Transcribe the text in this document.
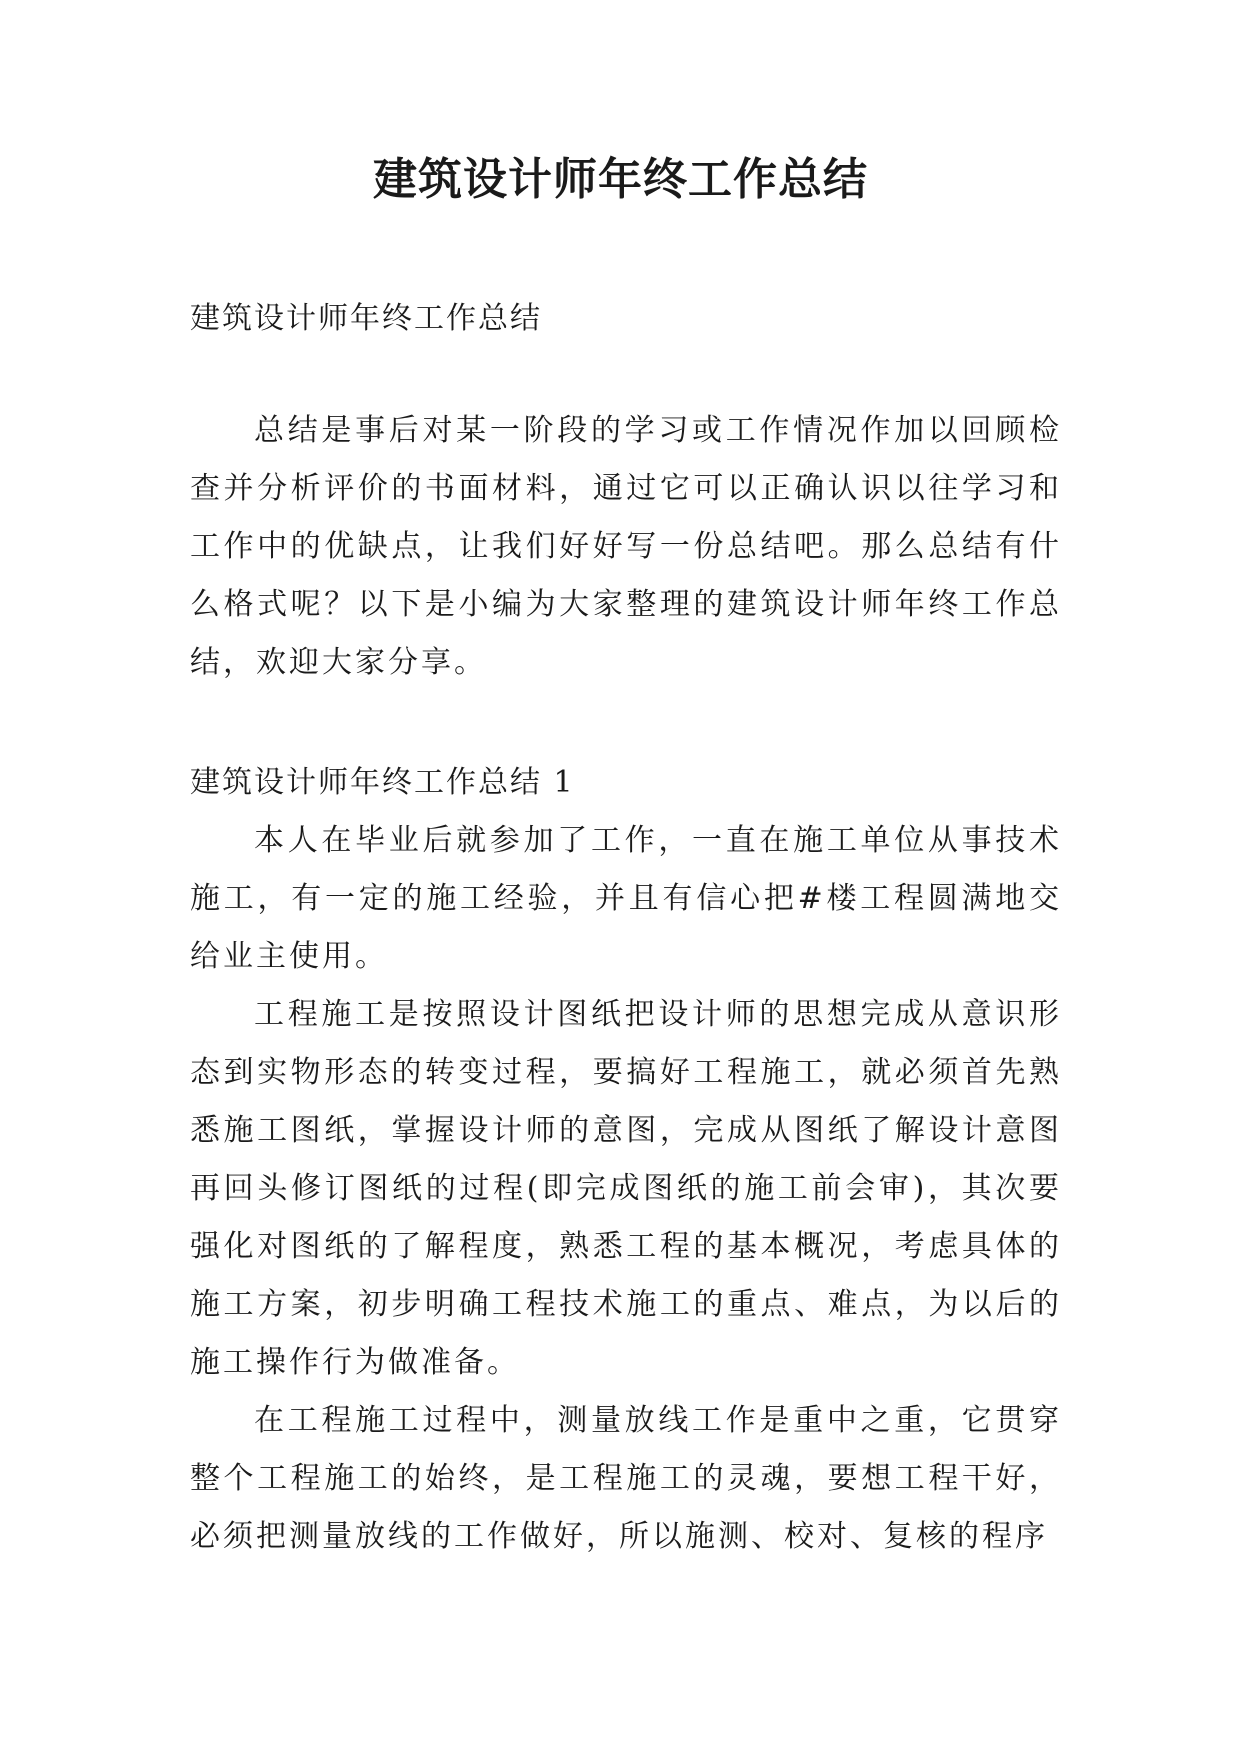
建筑设计师年终工作总结
建筑设计师年终工作总结

总结是事后对某一阶段的学习或工作情况作加以回顾检查并分析评价的书面材料，通过它可以正确认识以往学习和工作中的优缺点，让我们好好写一份总结吧。那么总结有什么格式呢？以下是小编为大家整理的建筑设计师年终工作总结，欢迎大家分享。

建筑设计师年终工作总结 1

本人在毕业后就参加了工作，一直在施工单位从事技术施工，有一定的施工经验，并且有信心把#楼工程圆满地交给业主使用。

工程施工是按照设计图纸把设计师的思想完成从意识形态到实物形态的转变过程，要搞好工程施工，就必须首先熟悉施工图纸，掌握设计师的意图，完成从图纸了解设计意图再回头修订图纸的过程(即完成图纸的施工前会审)，其次要强化对图纸的了解程度，熟悉工程的基本概况，考虑具体的施工方案，初步明确工程技术施工的重点、难点，为以后的施工操作行为做准备。

在工程施工过程中，测量放线工作是重中之重，它贯穿整个工程施工的始终，是工程施工的灵魂，要想工程干好，必须把测量放线的工作做好，所以施测、校对、复核的程序
